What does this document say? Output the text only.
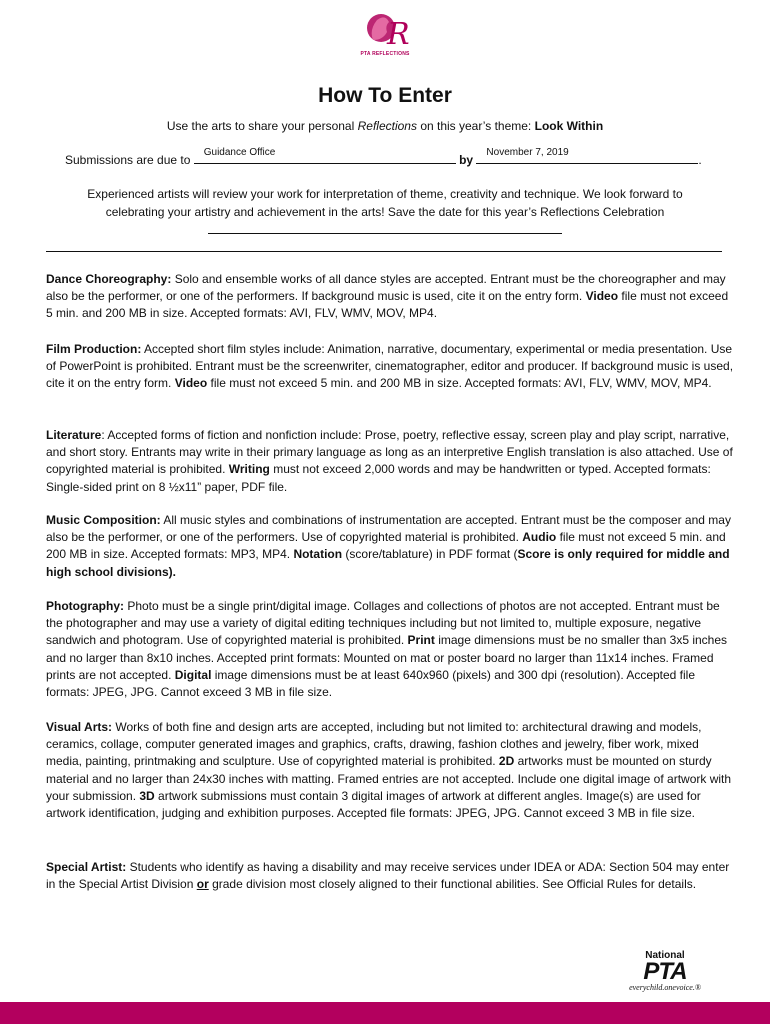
R
PTA REFLECTIONS
How To Enter
Use the arts to share your personal Reflections on this year’s theme: Look Within
Submissions are due to
Guidance Office
by
November 7, 2019
.
Experienced artists will review your work for interpretation of theme, creativity and technique. We look forward to
celebrating your artistry and achievement in the arts! Save the date for this year’s Reflections Celebration
Dance Choreography: Solo and ensemble works of all dance styles are accepted. Entrant must be the choreographer and may also be the performer, or one of the performers. If background music is used, cite it on the entry form. Video file must not exceed 5 min. and 200 MB in size. Accepted formats: AVI, FLV, WMV, MOV, MP4.
Film Production: Accepted short film styles include: Animation, narrative, documentary, experimental or media presentation. Use of PowerPoint is prohibited. Entrant must be the screenwriter, cinematographer, editor and producer. If background music is used, cite it on the entry form. Video file must not exceed 5 min. and 200 MB in size. Accepted formats: AVI, FLV, WMV, MOV, MP4.
Literature: Accepted forms of fiction and nonfiction include: Prose, poetry, reflective essay, screen play and play script, narrative, and short story. Entrants may write in their primary language as long as an interpretive English translation is also attached. Use of copyrighted material is prohibited. Writing must not exceed 2,000 words and may be handwritten or typed. Accepted formats: Single-sided print on 8 ½x11” paper, PDF file.
Music Composition: All music styles and combinations of instrumentation are accepted. Entrant must be the composer and may also be the performer, or one of the performers. Use of copyrighted material is prohibited. Audio file must not exceed 5 min. and 200 MB in size. Accepted formats: MP3, MP4. Notation (score/tablature) in PDF format (Score is only required for middle and high school divisions).
Photography: Photo must be a single print/digital image. Collages and collections of photos are not accepted. Entrant must be the photographer and may use a variety of digital editing techniques including but not limited to, multiple exposure, negative sandwich and photogram. Use of copyrighted material is prohibited. Print image dimensions must be no smaller than 3x5 inches and no larger than 8x10 inches. Accepted print formats: Mounted on mat or poster board no larger than 11x14 inches. Framed prints are not accepted. Digital image dimensions must be at least 640x960 (pixels) and 300 dpi (resolution). Accepted file formats: JPEG, JPG. Cannot exceed 3 MB in file size.
Visual Arts: Works of both fine and design arts are accepted, including but not limited to: architectural drawing and models, ceramics, collage, computer generated images and graphics, crafts, drawing, fashion clothes and jewelry, fiber work, mixed media, painting, printmaking and sculpture. Use of copyrighted material is prohibited. 2D artworks must be mounted on sturdy material and no larger than 24x30 inches with matting. Framed entries are not accepted. Include one digital image of artwork with your submission. 3D artwork submissions must contain 3 digital images of artwork at different angles. Image(s) are used for artwork identification, judging and exhibition purposes. Accepted file formats: JPEG, JPG. Cannot exceed 3 MB in file size.
Special Artist: Students who identify as having a disability and may receive services under IDEA or ADA: Section 504 may enter in the Special Artist Division or grade division most closely aligned to their functional abilities. See Official Rules for details.
National
PTA
everychild.onevoice.®
